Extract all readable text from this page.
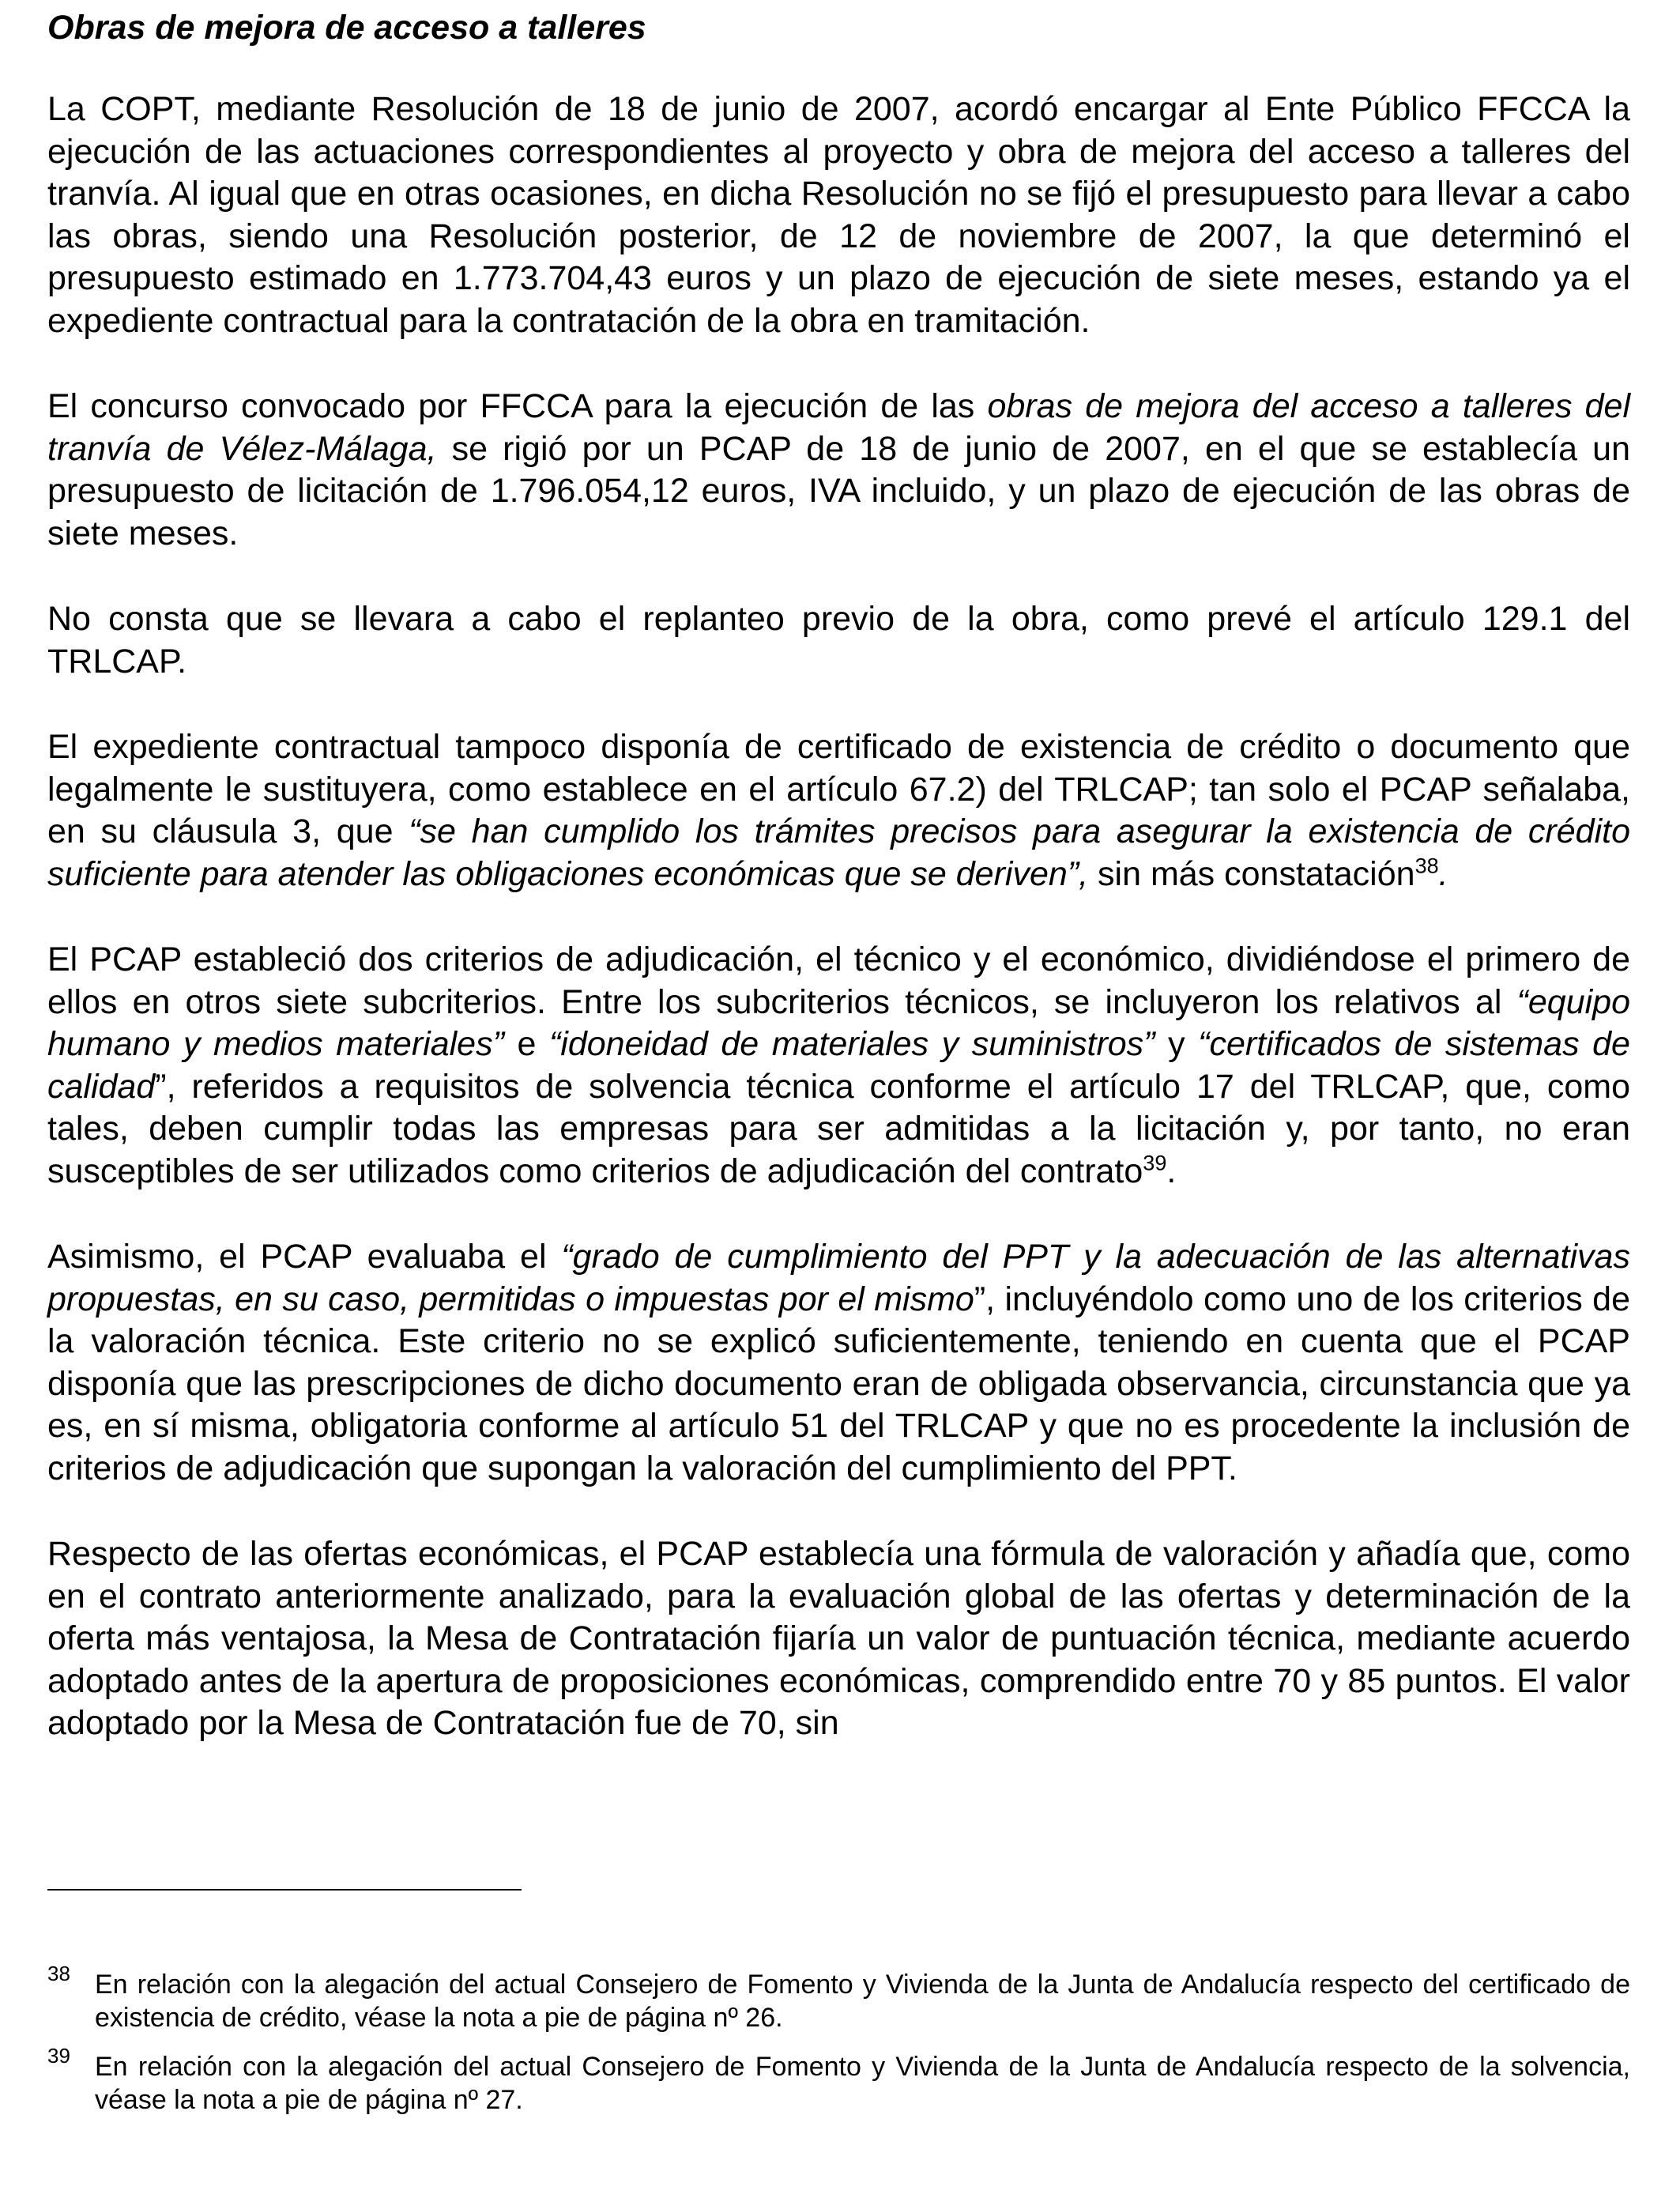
Obras de mejora de acceso a talleres

La COPT, mediante Resolución de 18 de junio de 2007, acordó encargar al Ente Público FFCCA la ejecución de las actuaciones correspondientes al proyecto y obra de mejora del acceso a talleres del tranvía. Al igual que en otras ocasiones, en dicha Resolución no se fijó el presupuesto para llevar a cabo las obras, siendo una Resolución posterior, de 12 de noviembre de 2007, la que determinó el presupuesto estimado en 1.773.704,43 euros y un plazo de ejecución de siete meses, estando ya el expediente contractual para la contratación de la obra en tramitación.

El concurso convocado por FFCCA para la ejecución de las obras de mejora del acceso a talleres del tranvía de Vélez-Málaga, se rigió por un PCAP de 18 de junio de 2007, en el que se establecía un presupuesto de licitación de 1.796.054,12 euros, IVA incluido, y un plazo de ejecución de las obras de siete meses.

No consta que se llevara a cabo el replanteo previo de la obra, como prevé el artículo 129.1 del TRLCAP.

El expediente contractual tampoco disponía de certificado de existencia de crédito o documento que legalmente le sustituyera, como establece en el artículo 67.2) del TRLCAP; tan solo el PCAP señalaba, en su cláusula 3, que “se han cumplido los trámites precisos para asegurar la existencia de crédito suficiente para atender las obligaciones económicas que se deriven”, sin más constatación$^{38}$.

El PCAP estableció dos criterios de adjudicación, el técnico y el económico, dividiéndose el primero de ellos en otros siete subcriterios. Entre los subcriterios técnicos, se incluyeron los relativos al “equipo humano y medios materiales” e “idoneidad de materiales y suministros” y “certificados de sistemas de calidad”, referidos a requisitos de solvencia técnica conforme el artículo 17 del TRLCAP, que, como tales, deben cumplir todas las empresas para ser admitidas a la licitación y, por tanto, no eran susceptibles de ser utilizados como criterios de adjudicación del contrato$^{39}$.

Asimismo, el PCAP evaluaba el “grado de cumplimiento del PPT y la adecuación de las alternativas propuestas, en su caso, permitidas o impuestas por el mismo”, incluyéndolo como uno de los criterios de la valoración técnica. Este criterio no se explicó suficientemente, teniendo en cuenta que el PCAP disponía que las prescripciones de dicho documento eran de obligada observancia, circunstancia que ya es, en sí misma, obligatoria conforme al artículo 51 del TRLCAP y que no es procedente la inclusión de criterios de adjudicación que supongan la valoración del cumplimiento del PPT.

Respecto de las ofertas económicas, el PCAP establecía una fórmula de valoración y añadía que, como en el contrato anteriormente analizado, para la evaluación global de las ofertas y determinación de la oferta más ventajosa, la Mesa de Contratación fijaría un valor de puntuación técnica, mediante acuerdo adoptado antes de la apertura de proposiciones económicas, comprendido entre 70 y 85 puntos. El valor adoptado por la Mesa de Contratación fue de 70, sin

38 En relación con la alegación del actual Consejero de Fomento y Vivienda de la Junta de Andalucía respecto del certificado de existencia de crédito, véase la nota a pie de página nº 26.

39 En relación con la alegación del actual Consejero de Fomento y Vivienda de la Junta de Andalucía respecto de la solvencia, véase la nota a pie de página nº 27.
